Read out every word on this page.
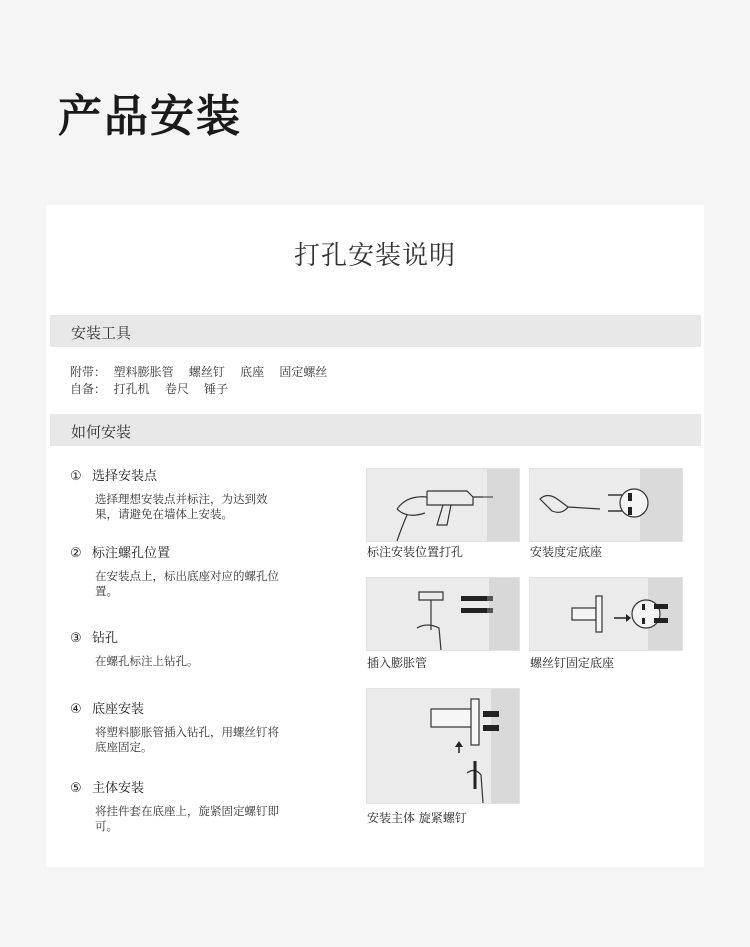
产品安装
打孔安装说明
安装工具
附带： 塑料膨胀管    螺丝钉    底座    固定螺丝
自备： 打孔机    卷尺    锤子
如何安装
① 选择安装点
选择理想安装点并标注，为达到效果，请避免在墙体上安装。
② 标注螺孔位置
在安装点上，标出底座对应的螺孔位置。
③ 钻孔
在螺孔标注上钻孔。
④ 底座安装
将塑料膨胀管插入钻孔，用螺丝钉将底座固定。
⑤ 主体安装
将挂件套在底座上，旋紧固定螺钉即可。
标注安装位置打孔	安装度定底座
插入膨胀管	螺丝钉固定底座
安装主体 旋紧螺钉
